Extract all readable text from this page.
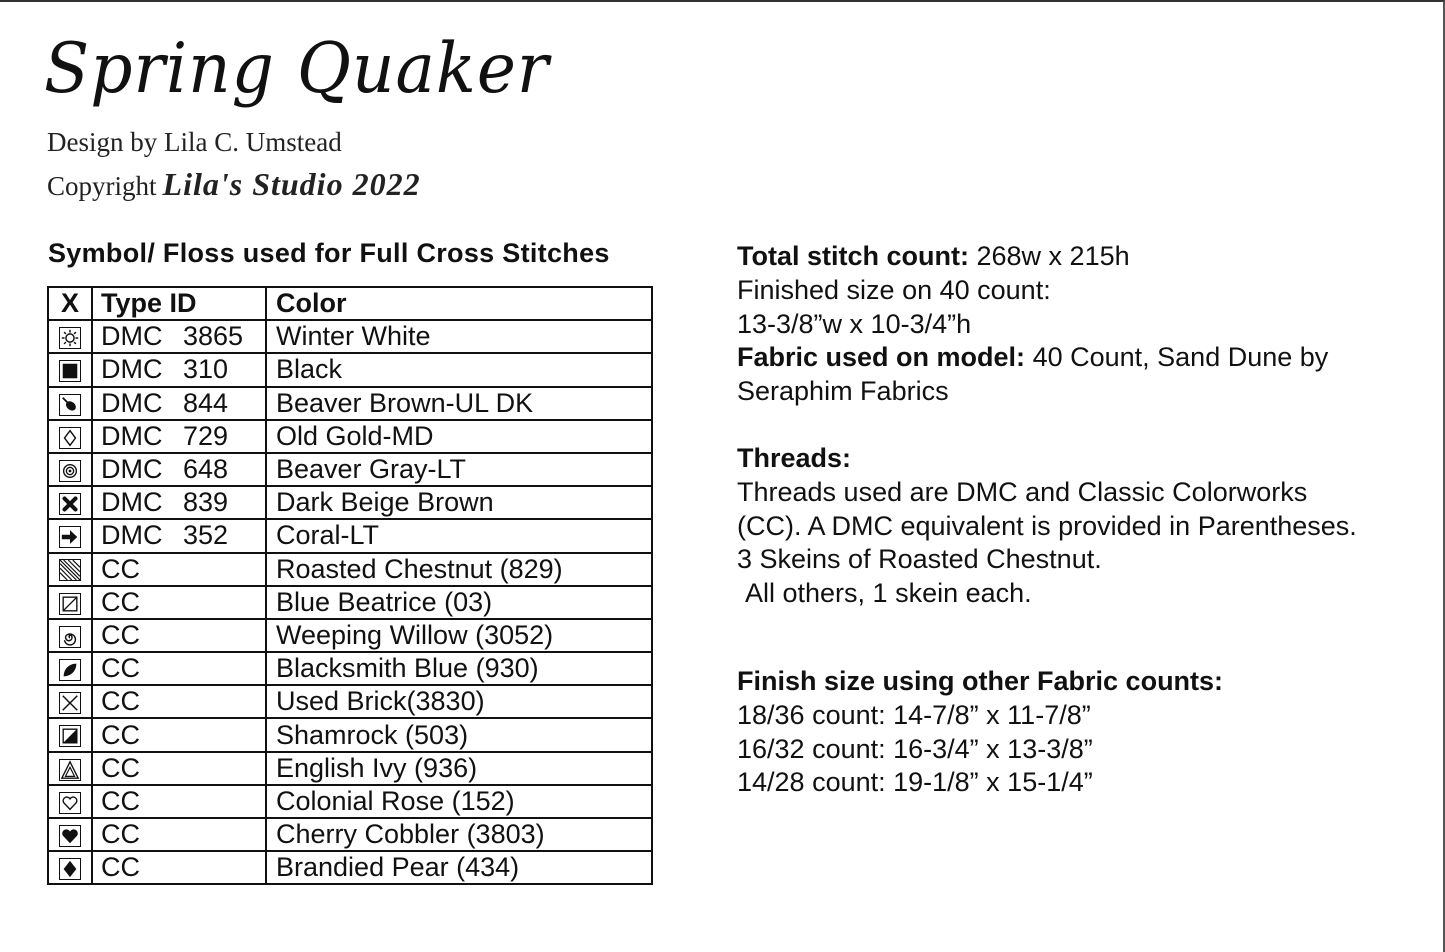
Spring Quaker
Design by Lila C. Umstead
Copyright Lila's Studio 2022
Symbol/ Floss used for Full Cross Stitches
X	Type ID	Color

	DMC 3865	Winter White

	DMC 310	Black

	DMC 844	Beaver Brown-UL DK

	DMC 729	Old Gold-MD

	DMC 648	Beaver Gray-LT

	DMC 839	Dark Beige Brown

	DMC 352	Coral-LT

	CC	Roasted Chestnut (829)

	CC	Blue Beatrice (03)

	CC	Weeping Willow (3052)

	CC	Blacksmith Blue (930)

	CC	Used Brick(3830)

	CC	Shamrock (503)

	CC	English Ivy (936)

	CC	Colonial Rose (152)

	CC	Cherry Cobbler (3803)

	CC	Brandied Pear (434)

Total stitch count: 268w x 215h

Finished size on 40 count:

13-3/8”w x 10-3/4”h

Fabric used on model: 40 Count, Sand Dune by

Seraphim Fabrics

Threads:

Threads used are DMC and Classic Colorworks

(CC). A DMC equivalent is provided in Parentheses.

3 Skeins of Roasted Chestnut.

All others, 1 skein each.

Finish size using other Fabric counts:

18/36 count: 14-7/8” x 11-7/8”

16/32 count: 16-3/4” x 13-3/8”

14/28 count: 19-1/8” x 15-1/4”
